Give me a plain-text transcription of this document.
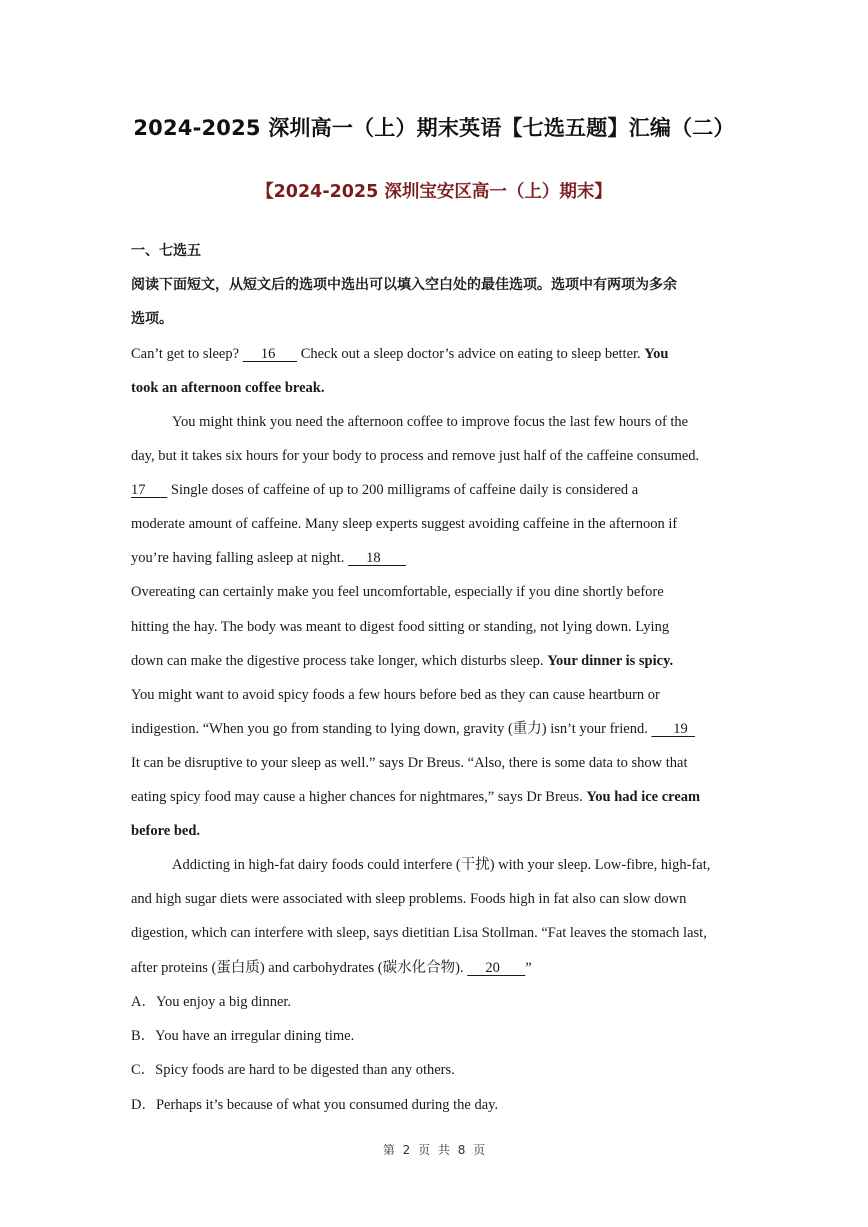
2024-2025 深圳高一（上）期末英语【七选五题】汇编（二）
【2024-2025 深圳宝安区高一（上）期末】
一、七选五
阅读下面短文，从短文后的选项中选出可以填入空白处的最佳选项。选项中有两项为多余
选项。
Can’t get to sleep?      16       Check out a sleep doctor’s advice on eating to sleep better. You
took an afternoon coffee break.
You might think you need the afternoon coffee to improve focus the last few hours of the
day, but it takes six hours for your body to process and remove just half of the caffeine consumed.
17       Single doses of caffeine of up to 200 milligrams of caffeine daily is considered a
moderate amount of caffeine. Many sleep experts suggest avoiding caffeine in the afternoon if
you’re having falling asleep at night.      18
Overeating can certainly make you feel uncomfortable, especially if you dine shortly before
hitting the hay. The body was meant to digest food sitting or standing, not lying down. Lying
down can make the digestive process take longer, which disturbs sleep. Your dinner is spicy.
You might want to avoid spicy foods a few hours before bed as they can cause heartburn or
indigestion. “When you go from standing to lying down, gravity (重力) isn’t your friend.       19
It can be disruptive to your sleep as well.” says Dr Breus. “Also, there is some data to show that
eating spicy food may cause a higher chances for nightmares,” says Dr Breus. You had ice cream
before bed.
Addicting in high-fat dairy foods could interfere (干扰) with your sleep. Low-fibre, high-fat,
and high sugar diets were associated with sleep problems. Foods high in fat also can slow down
digestion, which can interfere with sleep, says dietitian Lisa Stollman. “Fat leaves the stomach last,
after proteins (蛋白质) and carbohydrates (碳水化合物).      20       ”
A．You enjoy a big dinner.
B．You have an irregular dining time.
C．Spicy foods are hard to be digested than any others.
D．Perhaps it’s because of what you consumed during the day.
第 2 页 共 8 页
